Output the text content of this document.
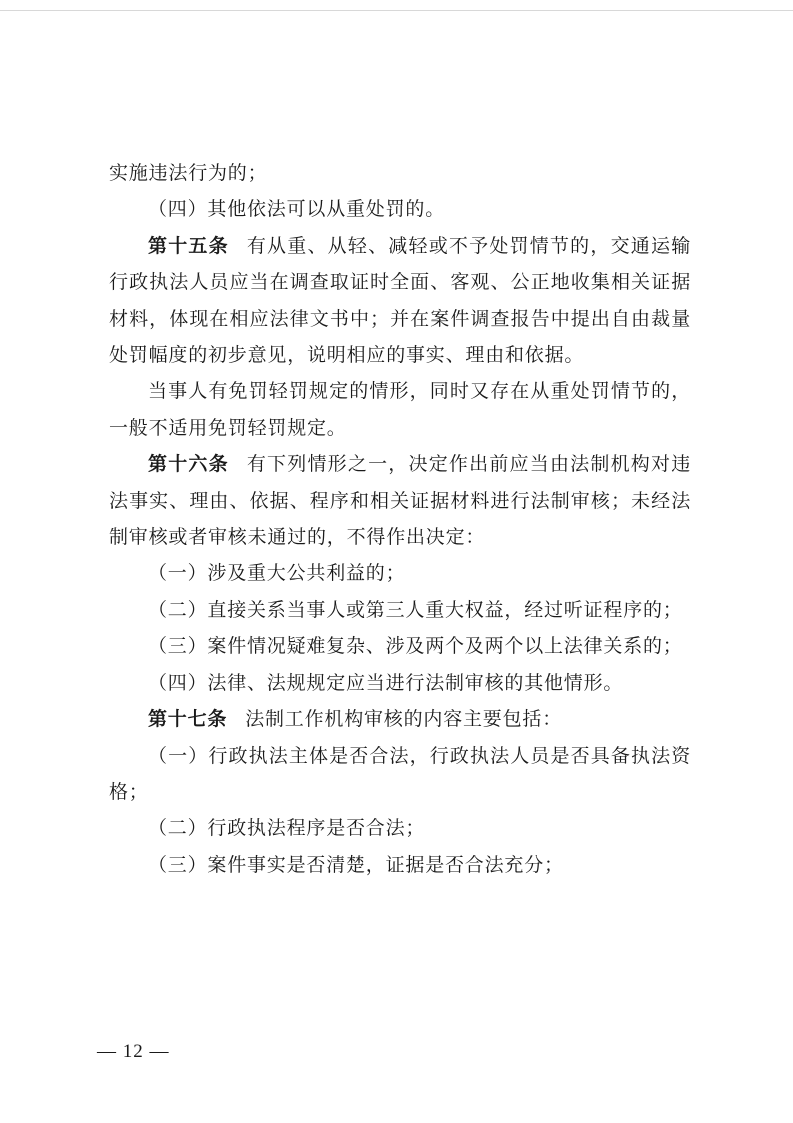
实施违法行为的；

（四）其他依法可以从重处罚的。

第十五条 有从重、从轻、减轻或不予处罚情节的，交通运输行政执法人员应当在调查取证时全面、客观、公正地收集相关证据材料，体现在相应法律文书中；并在案件调查报告中提出自由裁量处罚幅度的初步意见，说明相应的事实、理由和依据。

当事人有免罚轻罚规定的情形，同时又存在从重处罚情节的，一般不适用免罚轻罚规定。

第十六条 有下列情形之一，决定作出前应当由法制机构对违法事实、理由、依据、程序和相关证据材料进行法制审核；未经法制审核或者审核未通过的，不得作出决定：

（一）涉及重大公共利益的；

（二）直接关系当事人或第三人重大权益，经过听证程序的；

（三）案件情况疑难复杂、涉及两个及两个以上法律关系的；

（四）法律、法规规定应当进行法制审核的其他情形。

第十七条 法制工作机构审核的内容主要包括：

（一）行政执法主体是否合法，行政执法人员是否具备执法资格；

（二）行政执法程序是否合法；

（三）案件事实是否清楚，证据是否合法充分；

— 12 —
